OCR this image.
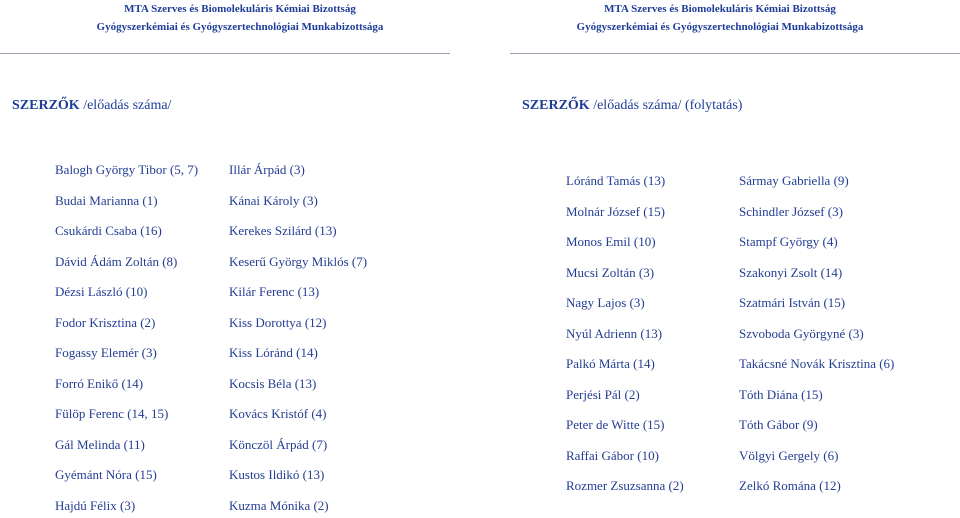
MTA Szerves és Biomolekuláris Kémiai Bizottság
Gyógyszerkémiai és Gyógyszertechnológiai Munkabizottsága
MTA Szerves és Biomolekuláris Kémiai Bizottság
Gyógyszerkémiai és Gyógyszertechnológiai Munkabizottsága
SZERZŐK /előadás száma/	SZERZŐK /előadás száma/ (folytatás)
Balogh György Tibor (5, 7)
Budai Marianna (1)
Csukárdi Csaba (16)
Dávid Ádám Zoltán (8)
Dézsi László (10)
Fodor Krisztina (2)
Fogassy Elemér (3)
Forró Enikő (14)
Fülöp Ferenc (14, 15)
Gál Melinda (11)
Gyémánt Nóra (15)
Hajdú Félix (3)
Illár Árpád (3)
Kánai Károly (3)
Kerekes Szilárd (13)
Keserű György Miklós (7)
Kilár Ferenc (13)
Kiss Dorottya (12)
Kiss Lóránd (14)
Kocsis Béla (13)
Kovács Kristóf (4)
Könczöl Árpád (7)
Kustos Ildikó (13)
Kuzma Mónika (2)
Lóránd Tamás (13)
Molnár József (15)
Monos Emil (10)
Mucsi Zoltán (3)
Nagy Lajos (3)
Nyúl Adrienn (13)
Palkó Márta (14)
Perjési Pál (2)
Peter de Witte (15)
Raffai Gábor (10)
Rozmer Zsuzsanna (2)
Sármay Gabriella (9)
Schindler József (3)
Stampf György (4)
Szakonyi Zsolt (14)
Szatmári István (15)
Szvoboda Györgyné (3)
Takácsné Novák Krisztina (6)
Tóth Diána (15)
Tóth Gábor (9)
Völgyi Gergely (6)
Zelkó Romána (12)
